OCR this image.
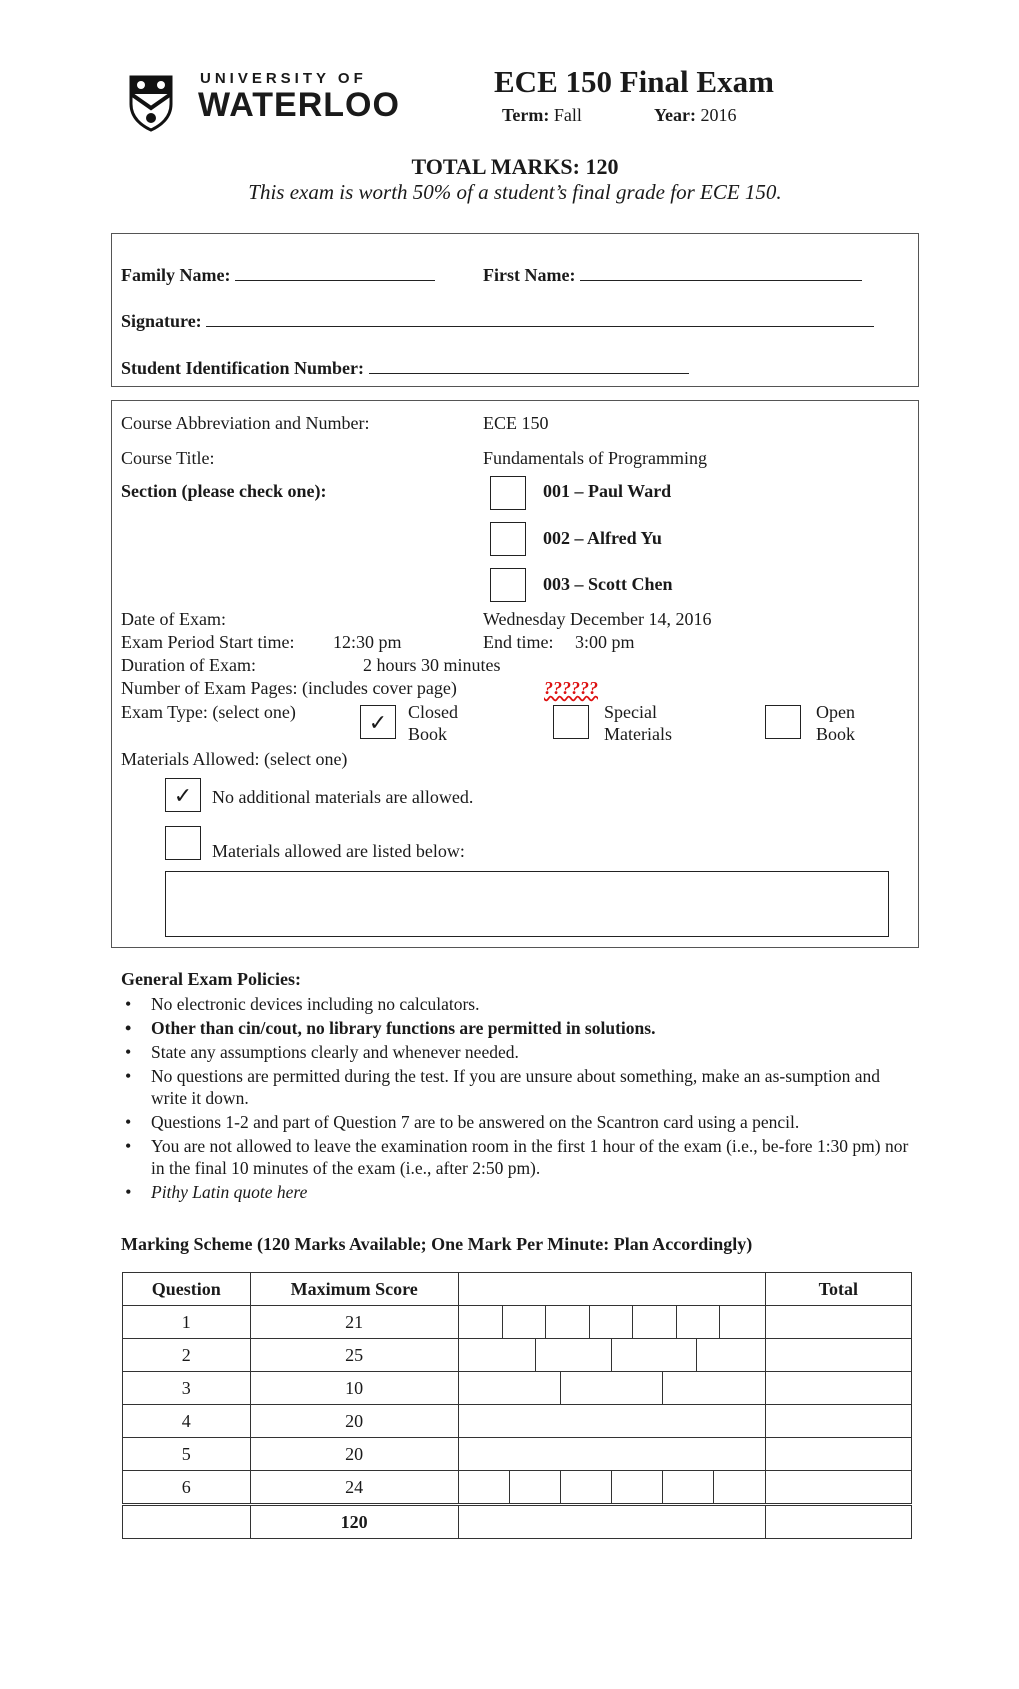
UNIVERSITY OF
WATERLOO
ECE 150 Final Exam
Term: Fall	Year: 2016
TOTAL MARKS: 120
This exam is worth 50% of a student’s final grade for ECE 150.
Family Name:	First Name:
Signature:
Student Identification Number:
Course Abbreviation and Number:	ECE 150
Course Title:	Fundamentals of Programming
Section (please check one):	001 – Paul Ward
002 – Alfred Yu
003 – Scott Chen
Date of Exam:	Wednesday December 14, 2016
Exam Period Start time: 12:30 pm	End time: 3:00 pm
Duration of Exam:	2 hours 30 minutes
Number of Exam Pages: (includes cover page)	??????
Exam Type: (select one)	✓	Closed
Book
Special
Materials
Open
Book
Materials Allowed: (select one)
✓	No additional materials are allowed.
Materials allowed are listed below:
General Exam Policies:
• No electronic devices including no calculators.
• Other than cin/cout, no library functions are permitted in solutions.
• State any assumptions clearly and whenever needed.
• No questions are permitted during the test. If you are unsure about something, make an as-sumption and write it down.
• Questions 1-2 and part of Question 7 are to be answered on the Scantron card using a pencil.
• You are not allowed to leave the examination room in the first 1 hour of the exam (i.e., be-fore 1:30 pm) nor in the final 10 minutes of the exam (i.e., after 2:50 pm).
• Pithy Latin quote here
Marking Scheme (120 Marks Available; One Mark Per Minute: Plan Accordingly)
Question	Maximum Score		Total
1	21	

2	25	

3	10	

4	20		
5	20		
6	24	

	120		
